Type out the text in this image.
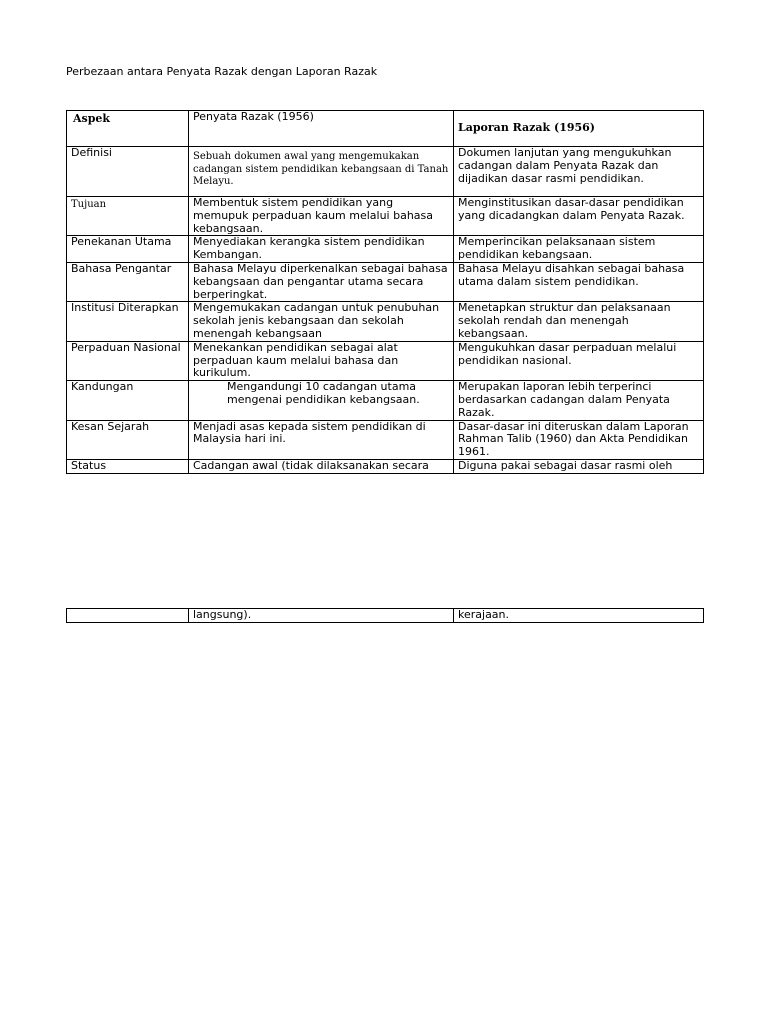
Perbezaan antara Penyata Razak dengan Laporan Razak
Aspek	Penyata Razak (1956)	Laporan Razak (1956)
Definisi	Sebuah dokumen awal yang mengemukakan cadangan sistem pendidikan kebangsaan di Tanah Melayu.	Dokumen lanjutan yang mengukuhkan cadangan dalam Penyata Razak dan dijadikan dasar rasmi pendidikan.
Tujuan	Membentuk sistem pendidikan yang memupuk perpaduan kaum melalui bahasa kebangsaan.	Menginstitusikan dasar-dasar pendidikan yang dicadangkan dalam Penyata Razak.
Penekanan Utama	Menyediakan kerangka sistem pendidikan Kembangan.	Memperincikan pelaksanaan sistem pendidikan kebangsaan.
Bahasa Pengantar	Bahasa Melayu diperkenalkan sebagai bahasa kebangsaan dan pengantar utama secara berperingkat.	Bahasa Melayu disahkan sebagai bahasa utama dalam sistem pendidikan.
Institusi Diterapkan	Mengemukakan cadangan untuk penubuhan sekolah jenis kebangsaan dan sekolah menengah kebangsaan	Menetapkan struktur dan pelaksanaan sekolah rendah dan menengah kebangsaan.
Perpaduan Nasional	Menekankan pendidikan sebagai alat perpaduan kaum melalui bahasa dan kurikulum.	Mengukuhkan dasar perpaduan melalui pendidikan nasional.
Kandungan	Mengandungi 10 cadangan utama mengenai pendidikan kebangsaan.	Merupakan laporan lebih terperinci berdasarkan cadangan dalam Penyata Razak.
Kesan Sejarah	Menjadi asas kepada sistem pendidikan di Malaysia hari ini.	Dasar-dasar ini diteruskan dalam Laporan Rahman Talib (1960) dan Akta Pendidikan 1961.
Status	Cadangan awal (tidak dilaksanakan secara	Diguna pakai sebagai dasar rasmi oleh
	langsung).	kerajaan.
